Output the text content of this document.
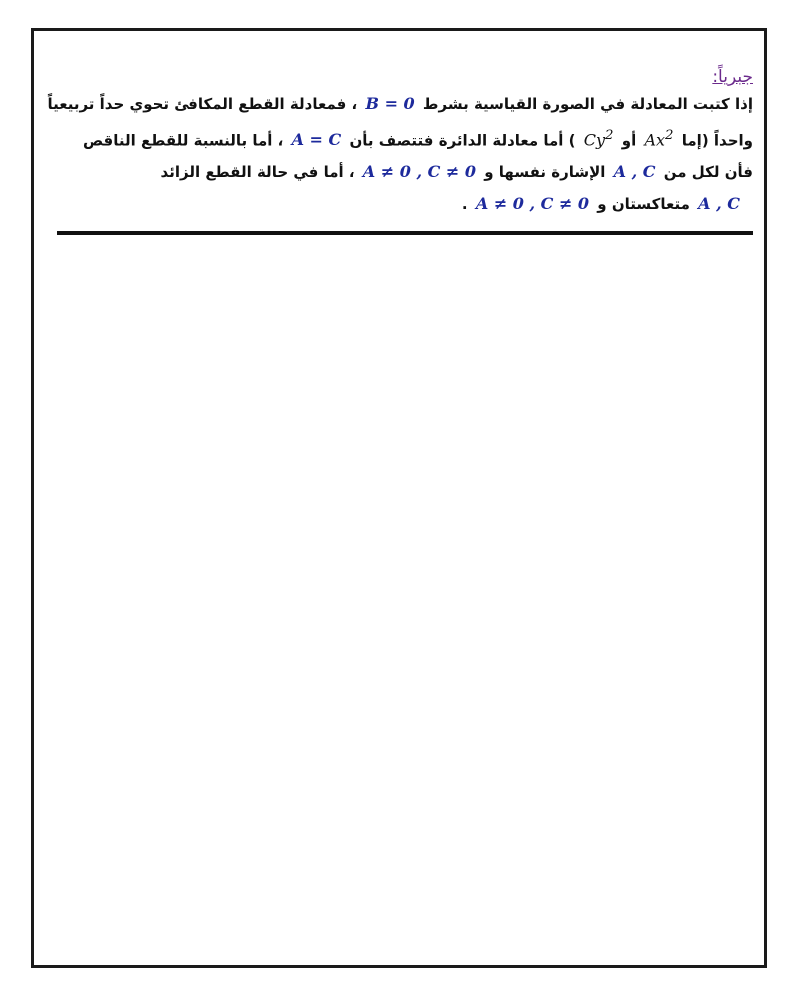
جبرياً:
إذا كتبت المعادلة في الصورة القياسية بشرط B = 0 ، فمعادلة القطع المكافئ تحوي حداً تربيعياً
واحداً (إما Ax$^2$ أو Cy$^2$ ) أما معادلة الدائرة فتتصف بأن A = C ، أما بالنسبة للقطع الناقص
فأن لكل من A , C الإشارة نفسها و A ≠ 0 , C ≠ 0 ، أما في حالة القطع الزائد
A , C متعاكستان و A ≠ 0 , C ≠ 0 .
